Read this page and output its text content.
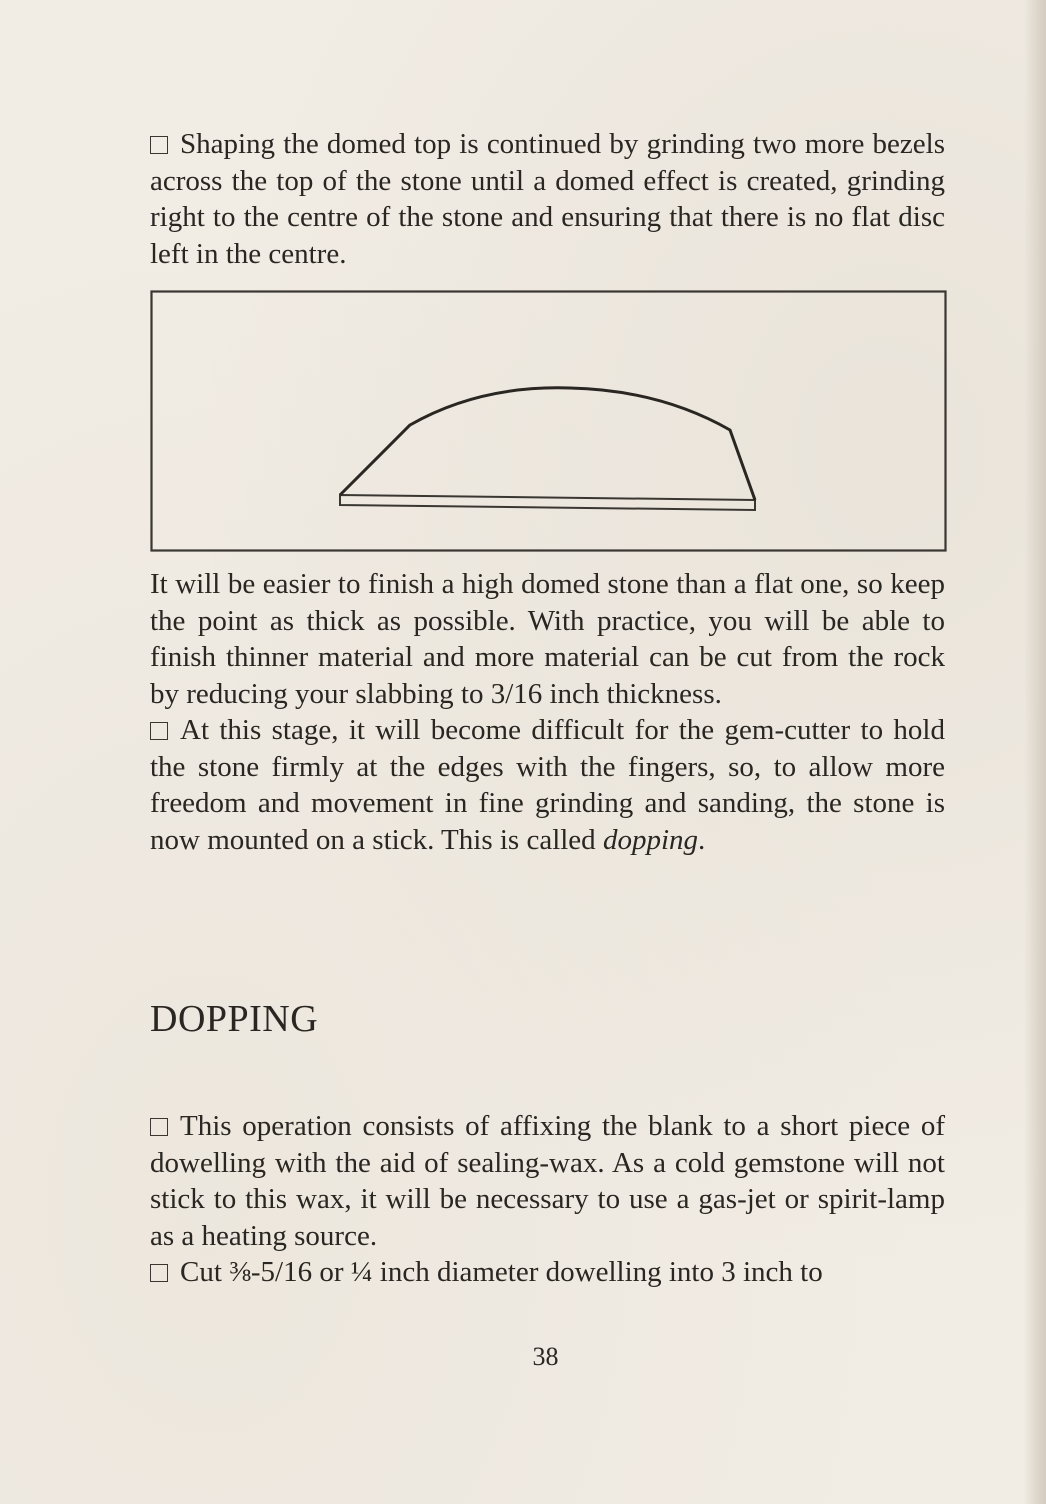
Shaping the domed top is continued by grinding two more bezels across the top of the stone until a domed effect is created, grinding right to the centre of the stone and ensuring that there is no flat disc left in the centre.

It will be easier to finish a high domed stone than a flat one, so keep the point as thick as possible. With practice, you will be able to finish thinner material and more material can be cut from the rock by reducing your slabbing to 3/16 inch thickness.

At this stage, it will become difficult for the gem-cutter to hold the stone firmly at the edges with the fingers, so, to allow more freedom and movement in fine grinding and sanding, the stone is now mounted on a stick. This is called dopping.

DOPPING

This operation consists of affixing the blank to a short piece of dowelling with the aid of sealing-wax. As a cold gemstone will not stick to this wax, it will be necessary to use a gas-jet or spirit-lamp as a heating source.

Cut ⅜-5/16 or ¼ inch diameter dowelling into 3 inch to

38
